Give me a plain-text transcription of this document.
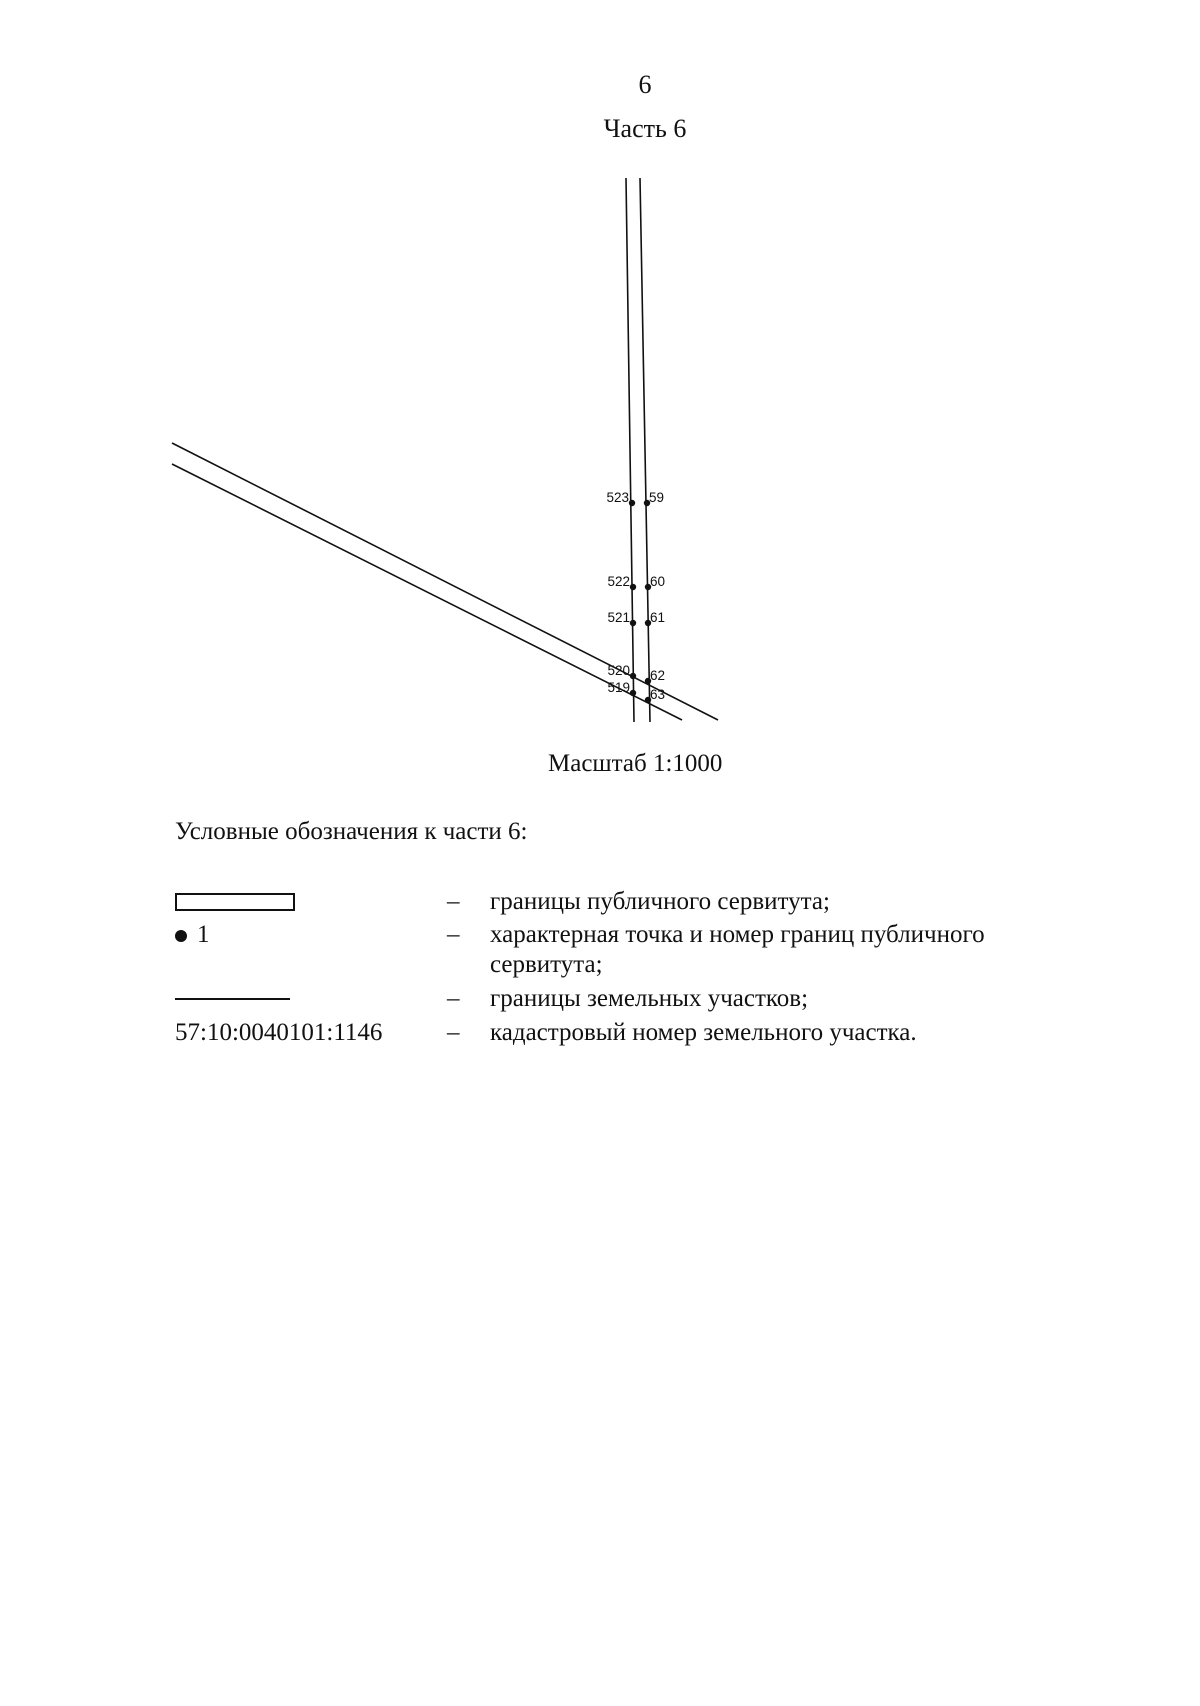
6
Часть 6
523
522
521
520
519
59
60
61
62
63
Масштаб 1:1000
Условные обозначения к части 6:
– границы публичного сервитута;
1	– характерная точка и номер границ публичного сервитута;
– границы земельных участков;
57:10:0040101:1146	– кадастровый номер земельного участка.
